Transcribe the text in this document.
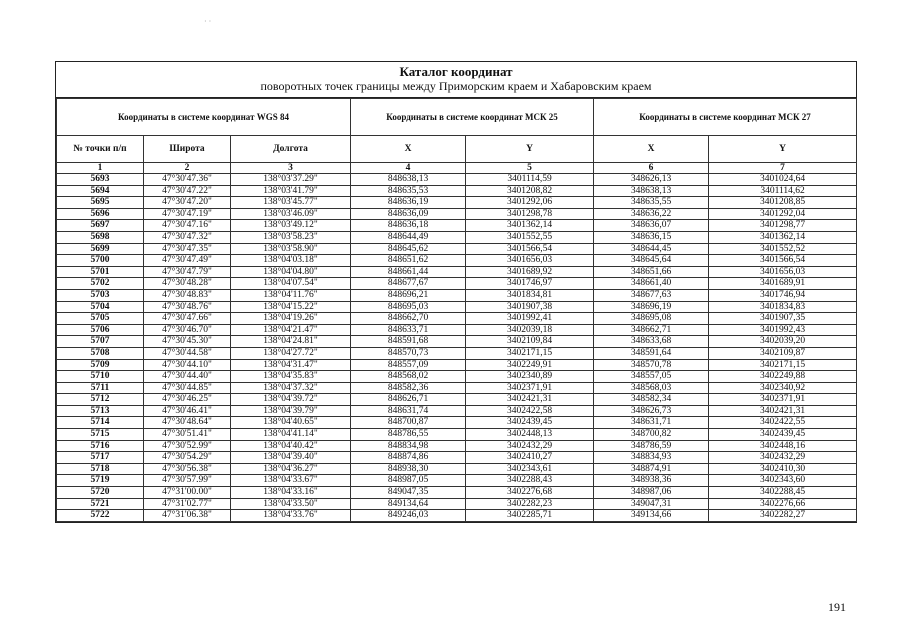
· ·
Каталог координат
поворотных точек границы между Приморским краем и Хабаровским краем
Координаты в системе координат WGS 84			Координаты в системе координат МСК 25		Координаты в системе координат МСК 27	
№ точки п/п	Широта	Долгота	X	Y	X	Y
1	2	3	4	5	6	7
5693	47°30'47.36"	138°03'37.29"	848638,13	3401114,59	348626,13	3401024,64
5694	47°30'47.22"	138°03'41.79"	848635,53	3401208,82	348638,13	3401114,62
5695	47°30'47.20"	138°03'45.77"	848636,19	3401292,06	348635,55	3401208,85
5696	47°30'47.19"	138°03'46.09"	848636,09	3401298,78	348636,22	3401292,04
5697	47°30'47.16"	138°03'49.12"	848636,18	3401362,14	348636,07	3401298,77
5698	47°30'47.32"	138°03'58.23"	848644,49	3401552,55	348636,15	3401362,14
5699	47°30'47.35"	138°03'58.90"	848645,62	3401566,54	348644,45	3401552,52
5700	47°30'47.49"	138°04'03.18"	848651,62	3401656,03	348645,64	3401566,54
5701	47°30'47.79"	138°04'04.80"	848661,44	3401689,92	348651,66	3401656,03
5702	47°30'48.28"	138°04'07.54"	848677,67	3401746,97	348661,40	3401689,91
5703	47°30'48.83"	138°04'11.76"	848696,21	3401834,81	348677,63	3401746,94
5704	47°30'48.76"	138°04'15.22"	848695,03	3401907,38	348696,19	3401834,83
5705	47°30'47.66"	138°04'19.26"	848662,70	3401992,41	348695,08	3401907,35
5706	47°30'46.70"	138°04'21.47"	848633,71	3402039,18	348662,71	3401992,43
5707	47°30'45.30"	138°04'24.81"	848591,68	3402109,84	348633,68	3402039,20
5708	47°30'44.58"	138°04'27.72"	848570,73	3402171,15	348591,64	3402109,87
5709	47°30'44.10"	138°04'31.47"	848557,09	3402249,91	348570,78	3402171,15
5710	47°30'44.40"	138°04'35.83"	848568,02	3402340,89	348557,05	3402249,88
5711	47°30'44.85"	138°04'37.32"	848582,36	3402371,91	348568,03	3402340,92
5712	47°30'46.25"	138°04'39.72"	848626,71	3402421,31	348582,34	3402371,91
5713	47°30'46.41"	138°04'39.79"	848631,74	3402422,58	348626,73	3402421,31
5714	47°30'48.64"	138°04'40.65"	848700,87	3402439,45	348631,71	3402422,55
5715	47°30'51.41"	138°04'41.14"	848786,55	3402448,13	348700,82	3402439,45
5716	47°30'52.99"	138°04'40.42"	848834,98	3402432,29	348786,59	3402448,16
5717	47°30'54.29"	138°04'39.40"	848874,86	3402410,27	348834,93	3402432,29
5718	47°30'56.38"	138°04'36.27"	848938,30	3402343,61	348874,91	3402410,30
5719	47°30'57.99"	138°04'33.67"	848987,05	3402288,43	348938,36	3402343,60
5720	47°31'00.00"	138°04'33.16"	849047,35	3402276,68	348987,06	3402288,45
5721	47°31'02.77"	138°04'33.50"	849134,64	3402282,23	349047,31	3402276,66
5722	47°31'06.38"	138°04'33.76"	849246,03	3402285,71	349134,66	3402282,27
191
